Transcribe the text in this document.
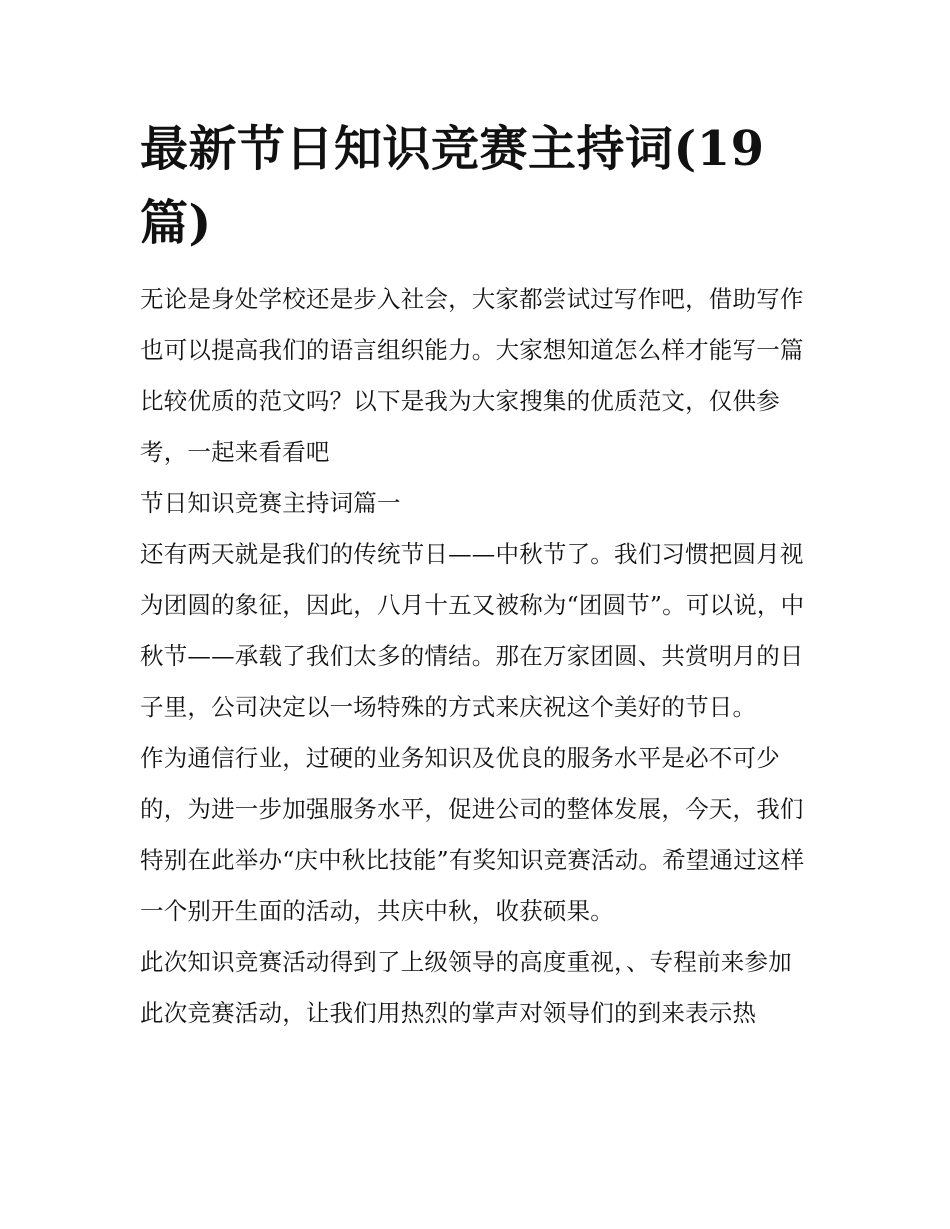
最新节日知识竞赛主持词(19篇)

无论是身处学校还是步入社会，大家都尝试过写作吧，借助写作也可以提高我们的语言组织能力。大家想知道怎么样才能写一篇比较优质的范文吗？以下是我为大家搜集的优质范文，仅供参考，一起来看看吧

节日知识竞赛主持词篇一

还有两天就是我们的传统节日——中秋节了。我们习惯把圆月视为团圆的象征，因此，八月十五又被称为“团圆节”。可以说，中秋节——承载了我们太多的情结。那在万家团圆、共赏明月的日子里，公司决定以一场特殊的方式来庆祝这个美好的节日。

作为通信行业，过硬的业务知识及优良的服务水平是必不可少的，为进一步加强服务水平，促进公司的整体发展，今天，我们特别在此举办“庆中秋比技能”有奖知识竞赛活动。希望通过这样一个别开生面的活动，共庆中秋，收获硕果。

此次知识竞赛活动得到了上级领导的高度重视，、专程前来参加此次竞赛活动，让我们用热烈的掌声对领导们的到来表示热
